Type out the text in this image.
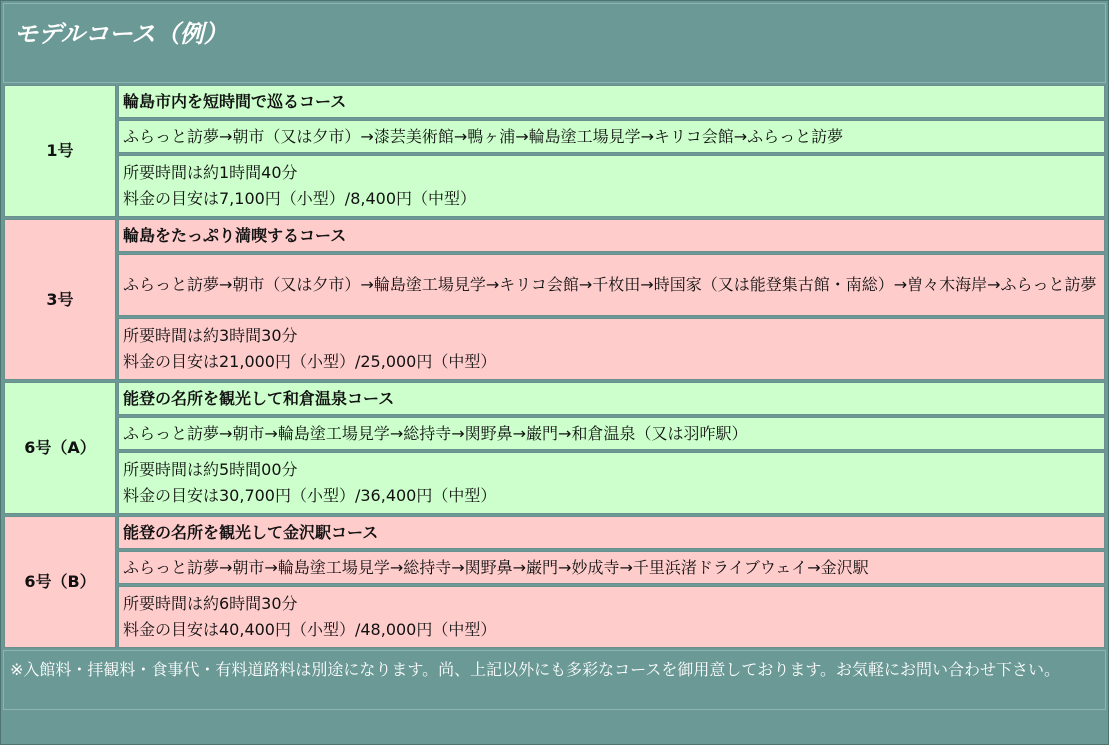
モデルコース（例）
1号	輪島市内を短時間で巡るコース
	ふらっと訪夢→朝市（又は夕市）→漆芸美術館→鴨ヶ浦→輪島塗工場見学→キリコ会館→ふらっと訪夢

	所要時間は約1時間40分
料金の目安は7,100円（小型）/8,400円（中型）

3号	輪島をたっぷり満喫するコース
	ふらっと訪夢→朝市（又は夕市）→輪島塗工場見学→キリコ会館→千枚田→時国家（又は能登集古館・南総）→曽々木海岸→ふらっと訪夢

	所要時間は約3時間30分
料金の目安は21,000円（小型）/25,000円（中型）

6号（A）	能登の名所を観光して和倉温泉コース
	ふらっと訪夢→朝市→輪島塗工場見学→総持寺→関野鼻→巌門→和倉温泉（又は羽咋駅）

	所要時間は約5時間00分
料金の目安は30,700円（小型）/36,400円（中型）

6号（B）	能登の名所を観光して金沢駅コース
	ふらっと訪夢→朝市→輪島塗工場見学→総持寺→関野鼻→巌門→妙成寺→千里浜渚ドライブウェイ→金沢駅

	所要時間は約6時間30分
料金の目安は40,400円（小型）/48,000円（中型）
※入館料・拝観料・食事代・有料道路料は別途になります。尚、上記以外にも多彩なコースを御用意しております。お気軽にお問い合わせ下さい。
